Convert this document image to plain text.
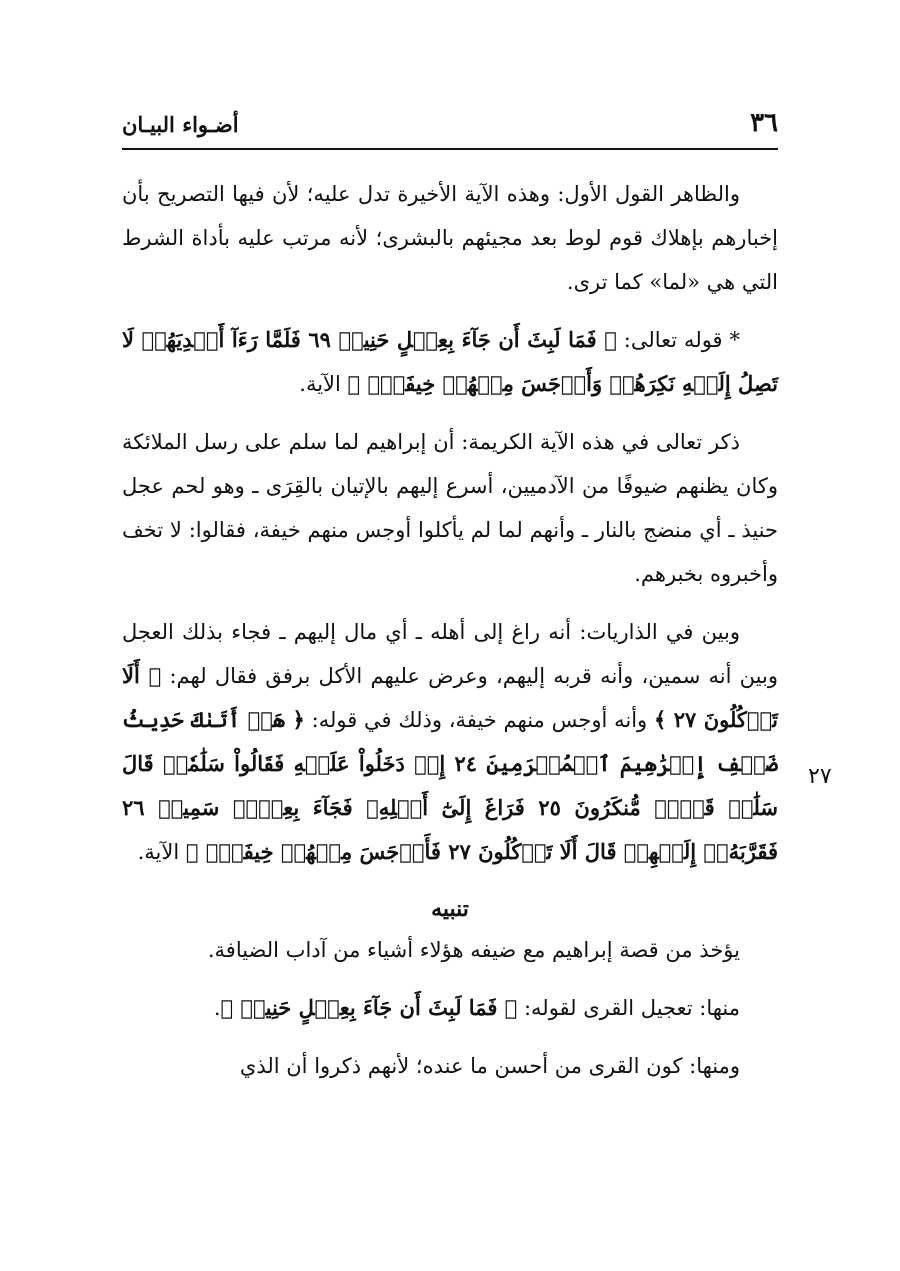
٣٦
أضـواء البيـان
٢٧

والظاهر القول الأول: وهذه الآية الأخيرة تدل عليه؛ لأن فيها التصريح بأن إخبارهم بإهلاك قوم لوط بعد مجيئهم بالبشرى؛ لأنه مرتب عليه بأداة الشرط التي هي «لما» كما ترى.

* قوله تعالى: ﴿ فَمَا لَبِثَ أَن جَآءَ بِعِجۡلٍ حَنِيذٖ ٦٩ فَلَمَّا رَءَآ أَيۡدِيَهُمۡ لَا تَصِلُ إِلَيۡهِ نَكِرَهُمۡ وَأَوۡجَسَ مِنۡهُمۡ خِيفَةٗۚ ﴾ الآية.

ذكر تعالى في هذه الآية الكريمة: أن إبراهيم لما سلم على رسل الملائكة وكان يظنهم ضيوفًا من الآدميين، أسرع إليهم بالإتيان بالقِرَى ـ وهو لحم عجل حنيذ ـ أي منضج بالنار ـ وأنهم لما لم يأكلوا أوجس منهم خيفة، فقالوا: لا تخف وأخبروه بخبرهم.

وبين في الذاريات: أنه راغ إلى أهله ـ أي مال إليهم ـ فجاء بذلك العجل وبين أنه سمين، وأنه قربه إليهم، وعرض عليهم الأكل برفق فقال لهم: ﴿ أَلَا تَأۡكُلُونَ ٢٧ ﴾ وأنه أوجس منهم خيفة، وذلك في قوله: ﴿ هَلۡ أَتَىٰكَ حَدِيثُ ضَيۡفِ إِبۡرَٰهِيمَ ٱلۡمُكۡرَمِينَ ٢٤ إِذۡ دَخَلُواْ عَلَيۡهِ فَقَالُواْ سَلَٰمٗاۖ قَالَ سَلَٰمٞ قَوۡمٞ مُّنكَرُونَ ٢٥ فَرَاغَ إِلَىٰٓ أَهۡلِهِۦ فَجَآءَ بِعِجۡلٖ سَمِينٖ ٢٦ فَقَرَّبَهُۥٓ إِلَيۡهِمۡ قَالَ أَلَا تَأۡكُلُونَ ٢٧ فَأَوۡجَسَ مِنۡهُمۡ خِيفَةٗۖ ﴾ الآية.

تنبيه

يؤخذ من قصة إبراهيم مع ضيفه هؤلاء أشياء من آداب الضيافة.

منها: تعجيل القرى لقوله: ﴿ فَمَا لَبِثَ أَن جَآءَ بِعِجۡلٍ حَنِيذٖ ﴾.

ومنها: كون القرى من أحسن ما عنده؛ لأنهم ذكروا أن الذي
